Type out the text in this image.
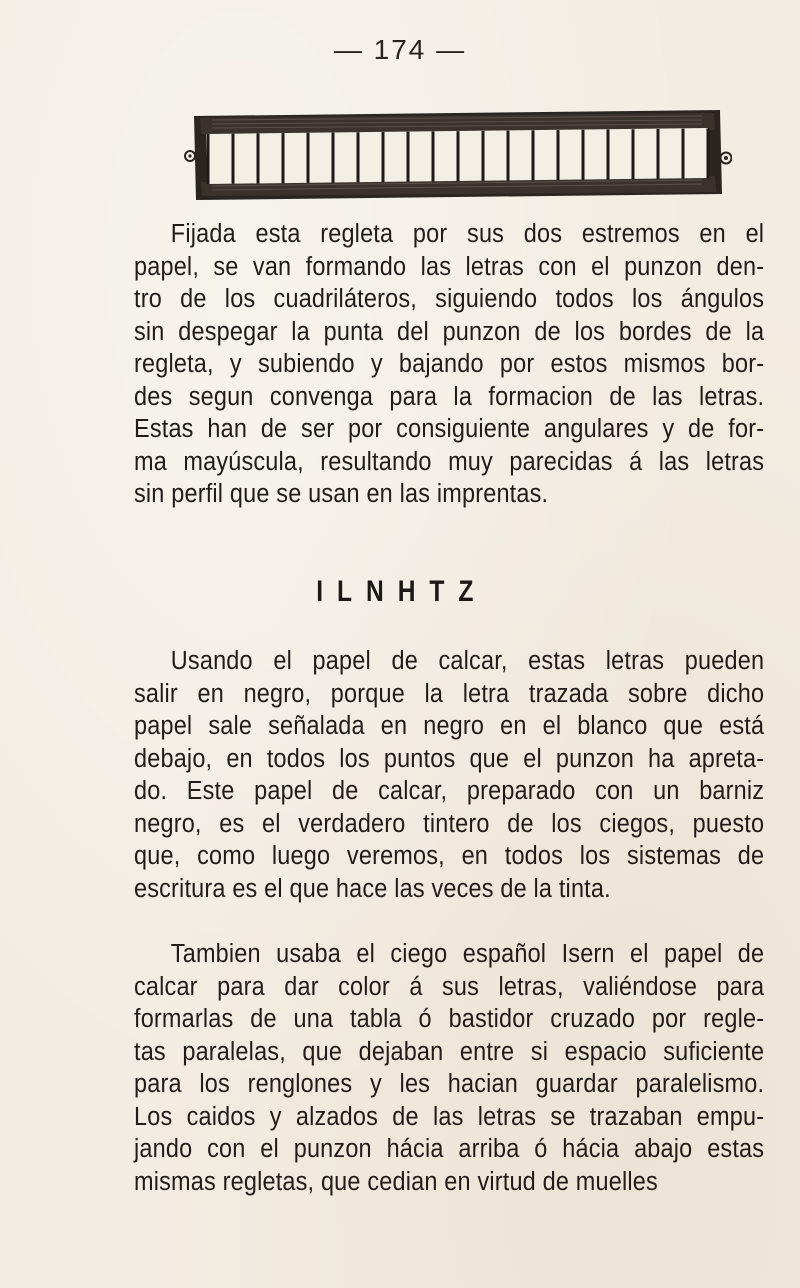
— 174 —
Fijada esta regleta por sus dos estremos en el
papel, se van formando las letras con el punzon den-
tro de los cuadriláteros, siguiendo todos los ángulos
sin despegar la punta del punzon de los bordes de la
regleta, y subiendo y bajando por estos mismos bor-
des segun convenga para la formacion de las letras.
Estas han de ser por consiguiente angulares y de for-
ma mayúscula, resultando muy parecidas á las letras
sin perfil que se usan en las imprentas.
ILNHTZ
Usando el papel de calcar, estas letras pueden
salir en negro, porque la letra trazada sobre dicho
papel sale señalada en negro en el blanco que está
debajo, en todos los puntos que el punzon ha apreta-
do. Este papel de calcar, preparado con un barniz
negro, es el verdadero tintero de los ciegos, puesto
que, como luego veremos, en todos los sistemas de
escritura es el que hace las veces de la tinta.
Tambien usaba el ciego español Isern el papel de
calcar para dar color á sus letras, valiéndose para
formarlas de una tabla ó bastidor cruzado por regle-
tas paralelas, que dejaban entre si espacio suficiente
para los renglones y les hacian guardar paralelismo.
Los caidos y alzados de las letras se trazaban empu-
jando con el punzon hácia arriba ó hácia abajo estas
mismas regletas, que cedian en virtud de muelles
